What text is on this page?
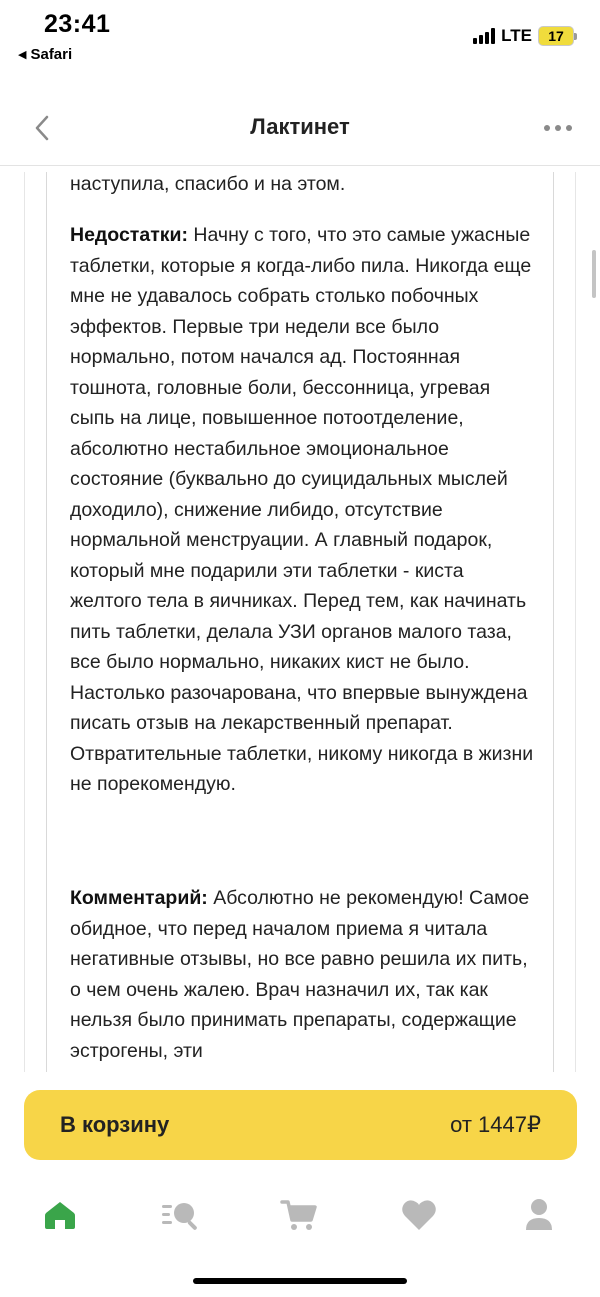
23:41
◀ Safari
LTE 17
Лактинет
наступила, спасибо и на этом.
Недостатки: Начну с того, что это самые ужасные таблетки, которые я когда-либо пила. Никогда еще мне не удавалось собрать столько побочных эффектов. Первые три недели все было нормально, потом начался ад. Постоянная тошнота, головные боли, бессонница, угревая сыпь на лице, повышенное потоотделение, абсолютно нестабильное эмоциональное состояние (буквально до суицидальных мыслей доходило), снижение либидо, отсутствие нормальной менструации. А главный подарок, который мне подарили эти таблетки - киста желтого тела в яичниках. Перед тем, как начинать пить таблетки, делала УЗИ органов малого таза, все было нормально, никаких кист не было. Настолько разочарована, что впервые вынуждена писать отзыв на лекарственный препарат. Отвратительные таблетки, никому никогда в жизни не порекомендую.
Комментарий: Абсолютно не рекомендую! Самое обидное, что перед началом приема я читала негативные отзывы, но все равно решила их пить, о чем очень жалею. Врач назначил их, так как нельзя было принимать препараты, содержащие эстрогены, эти
В корзину	от 1447₽
